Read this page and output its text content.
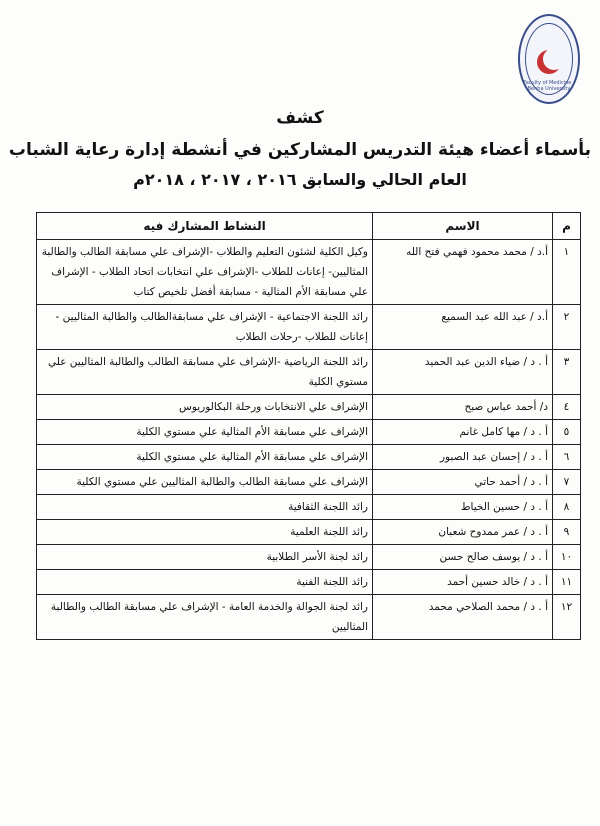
Faculty of Medicine - Benha University
كشف
بأسماء أعضاء هيئة التدريس المشاركين في أنشطة إدارة رعاية الشباب
العام الحالي والسابق ٢٠١٦ ، ٢٠١٧ ، ٢٠١٨م
م	الاسم	النشاط المشارك فيه
١	أ.د / محمد محمود فهمي فتح الله	وكيل الكلية لشئون التعليم والطلاب -الإشراف علي مسابقة الطالب والطالبة المثاليين- إعانات للطلاب -الإشراف علي انتخابات اتحاد الطلاب - الإشراف علي مسابقة الأم المثالية - مسابقة أفضل تلخيص كتاب
٢	أ.د / عبد الله عبد السميع	رائد اللجنة الاجتماعية - الإشراف علي مسابقةالطالب والطالبة المثاليين - إعانات للطلاب -رحلات الطلاب
٣	أ . د / ضياء الدين عبد الحميد	رائد اللجنة الرياضية -الإشراف علي مسابقة الطالب والطالبة المثاليين علي مستوي الكلية
٤	د/ أحمد عباس صبح	الإشراف علي الانتخابات ورحلة البكالوريوس
٥	أ . د / مها كامل غانم	الإشراف علي مسابقة الأم المثالية علي مستوي الكلية
٦	أ . د / إحسان عبد الصبور	الإشراف علي مسابقة الأم المثالية علي مستوي الكلية
٧	أ . د / أحمد حاتي	الإشراف علي مسابقة الطالب والطالبة المثاليين علي مستوي الكلية
٨	أ . د / حسين الخياط	رائد اللجنة الثقافية
٩	أ . د / عمر ممدوح شعبان	رائد اللجنة العلمية
١٠	أ . د / يوسف صالح حسن	رائد لجنة الأسر الطلابية
١١	أ . د / خالد حسين أحمد	رائد اللجنة الفنية
١٢	أ . د / محمد الصلاحي محمد	رائد لجنة الجوالة والخدمة العامة - الإشراف علي مسابقة الطالب والطالبة المثاليين
